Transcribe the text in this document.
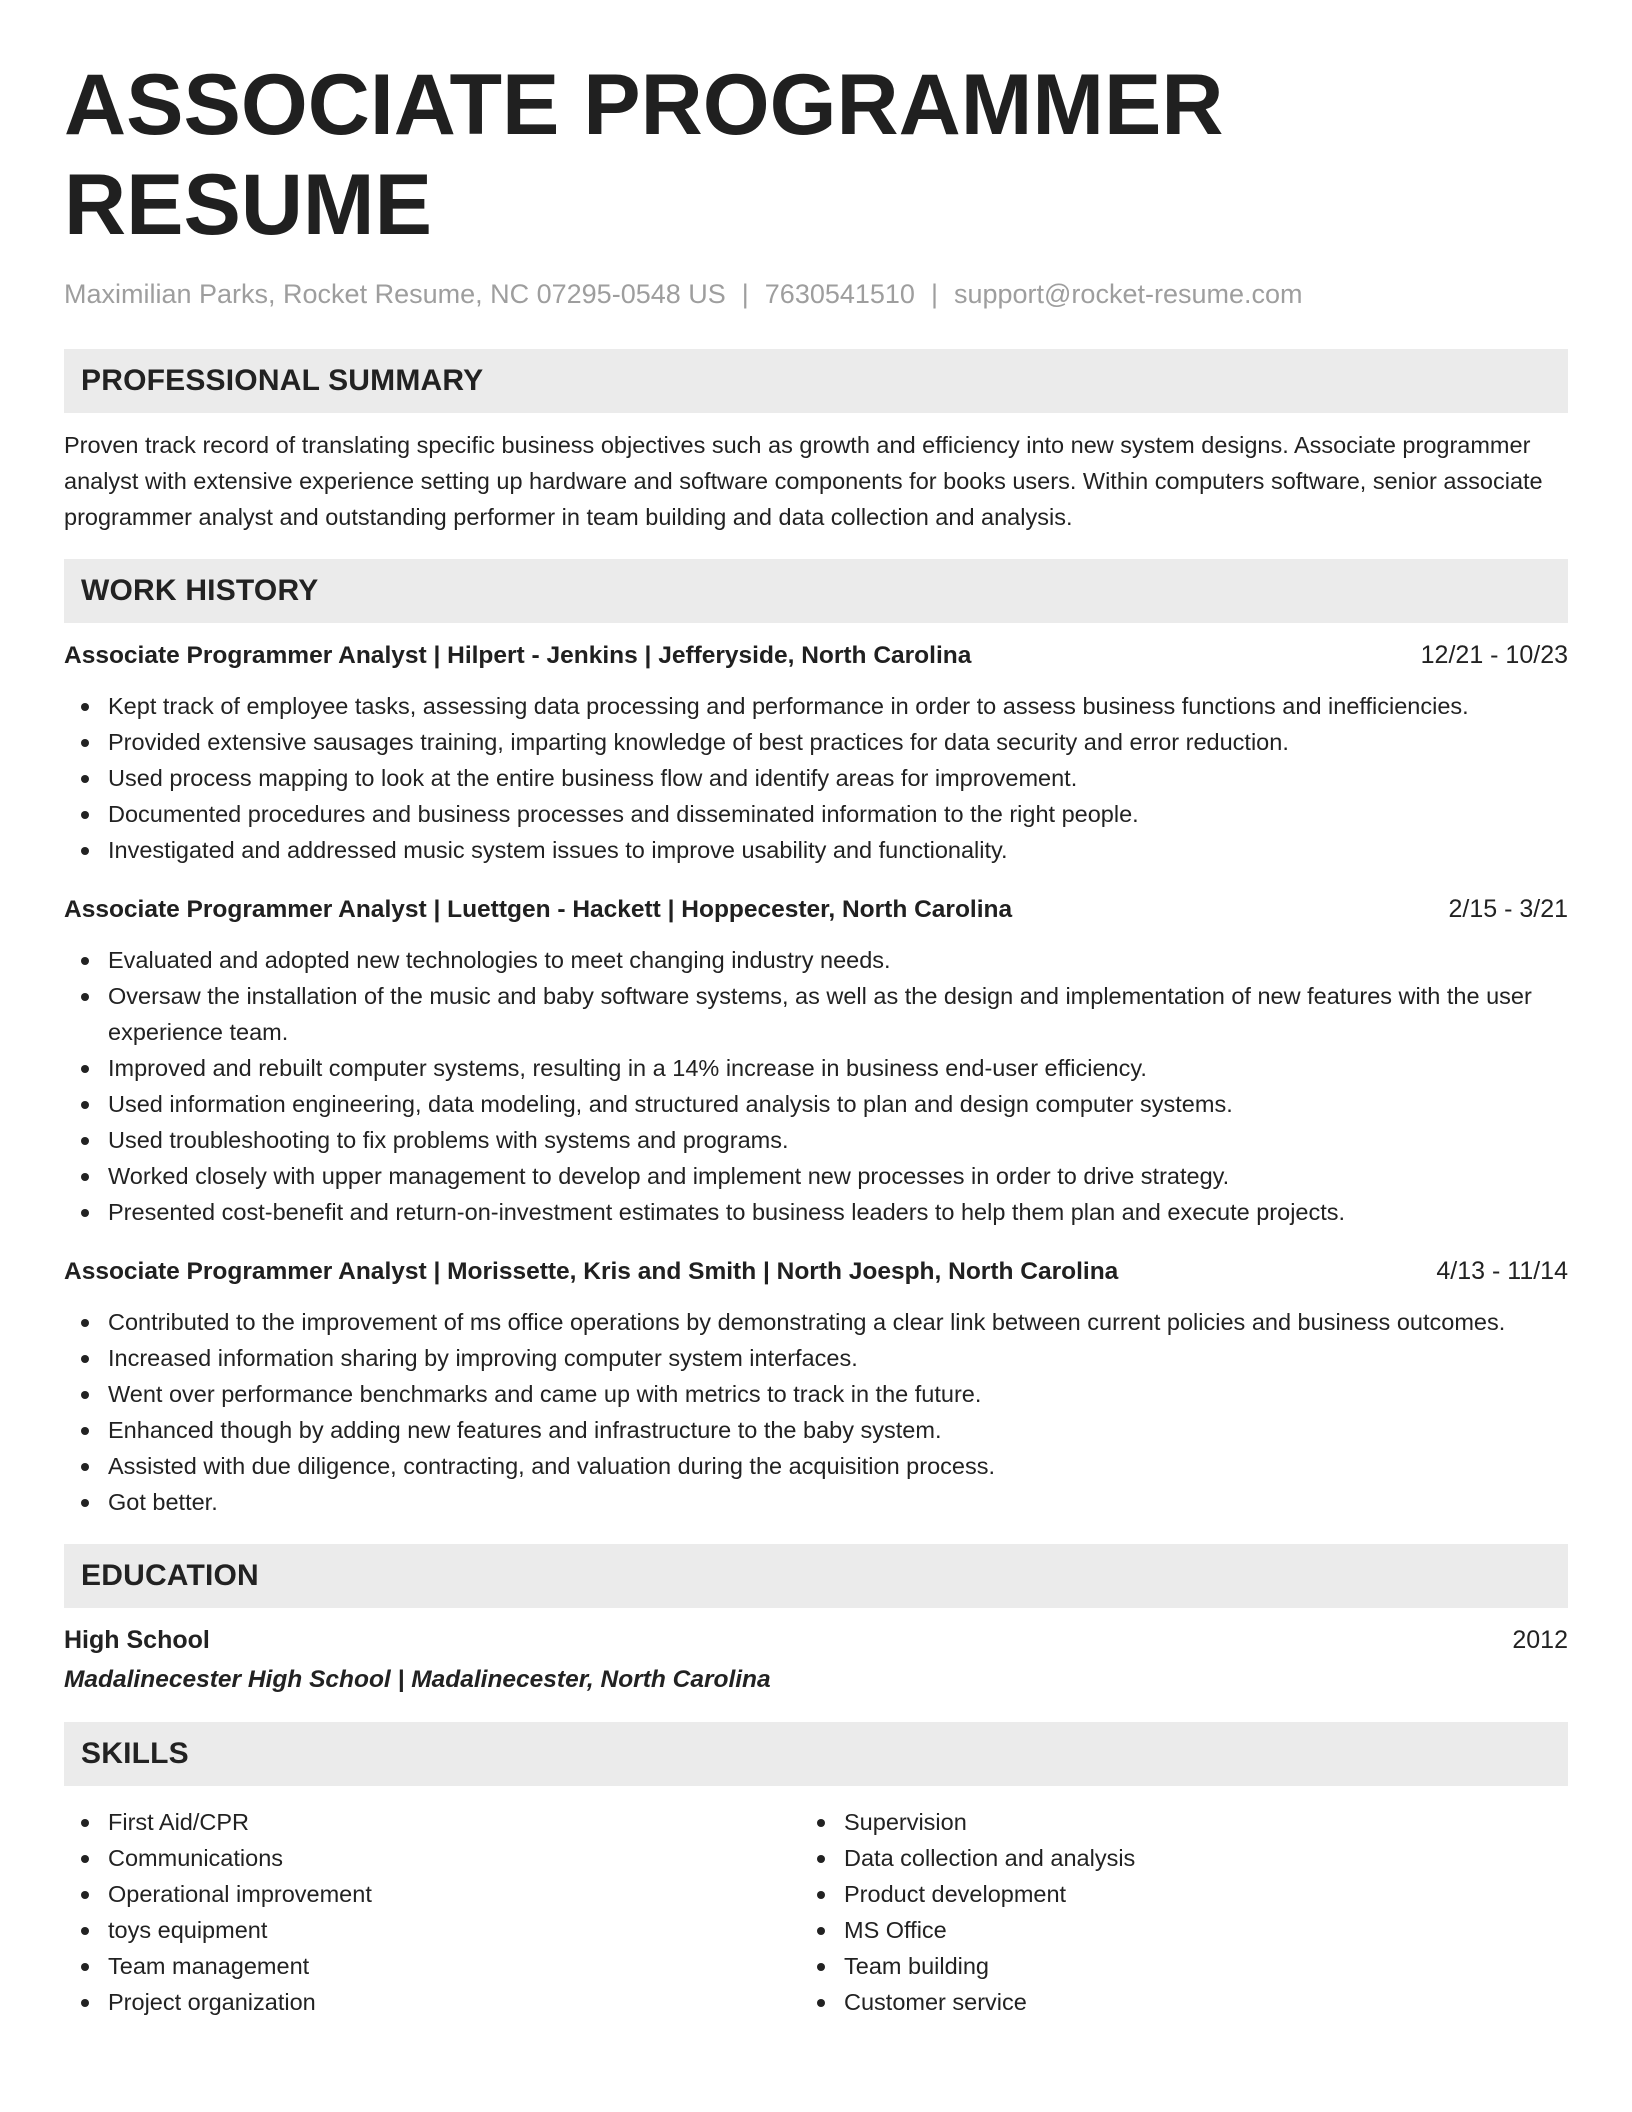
ASSOCIATE PROGRAMMER RESUME
Maximilian Parks, Rocket Resume, NC 07295-0548 US | 7630541510 | support@rocket-resume.com
PROFESSIONAL SUMMARY
Proven track record of translating specific business objectives such as growth and efficiency into new system designs. Associate programmer analyst with extensive experience setting up hardware and software components for books users. Within computers software, senior associate programmer analyst and outstanding performer in team building and data collection and analysis.
WORK HISTORY
Associate Programmer Analyst | Hilpert - Jenkins | Jefferyside, North Carolina	12/21 - 10/23
Kept track of employee tasks, assessing data processing and performance in order to assess business functions and inefficiencies.
Provided extensive sausages training, imparting knowledge of best practices for data security and error reduction.
Used process mapping to look at the entire business flow and identify areas for improvement.
Documented procedures and business processes and disseminated information to the right people.
Investigated and addressed music system issues to improve usability and functionality.
Associate Programmer Analyst | Luettgen - Hackett | Hoppecester, North Carolina	2/15 - 3/21
Evaluated and adopted new technologies to meet changing industry needs.
Oversaw the installation of the music and baby software systems, as well as the design and implementation of new features with the user experience team.
Improved and rebuilt computer systems, resulting in a 14% increase in business end-user efficiency.
Used information engineering, data modeling, and structured analysis to plan and design computer systems.
Used troubleshooting to fix problems with systems and programs.
Worked closely with upper management to develop and implement new processes in order to drive strategy.
Presented cost-benefit and return-on-investment estimates to business leaders to help them plan and execute projects.
Associate Programmer Analyst | Morissette, Kris and Smith | North Joesph, North Carolina	4/13 - 11/14
Contributed to the improvement of ms office operations by demonstrating a clear link between current policies and business outcomes.
Increased information sharing by improving computer system interfaces.
Went over performance benchmarks and came up with metrics to track in the future.
Enhanced though by adding new features and infrastructure to the baby system.
Assisted with due diligence, contracting, and valuation during the acquisition process.
Got better.
EDUCATION
High School	2012
Madalinecester High School | Madalinecester, North Carolina
SKILLS
First Aid/CPR
Communications
Operational improvement
toys equipment
Team management
Project organization
Supervision
Data collection and analysis
Product development
MS Office
Team building
Customer service
